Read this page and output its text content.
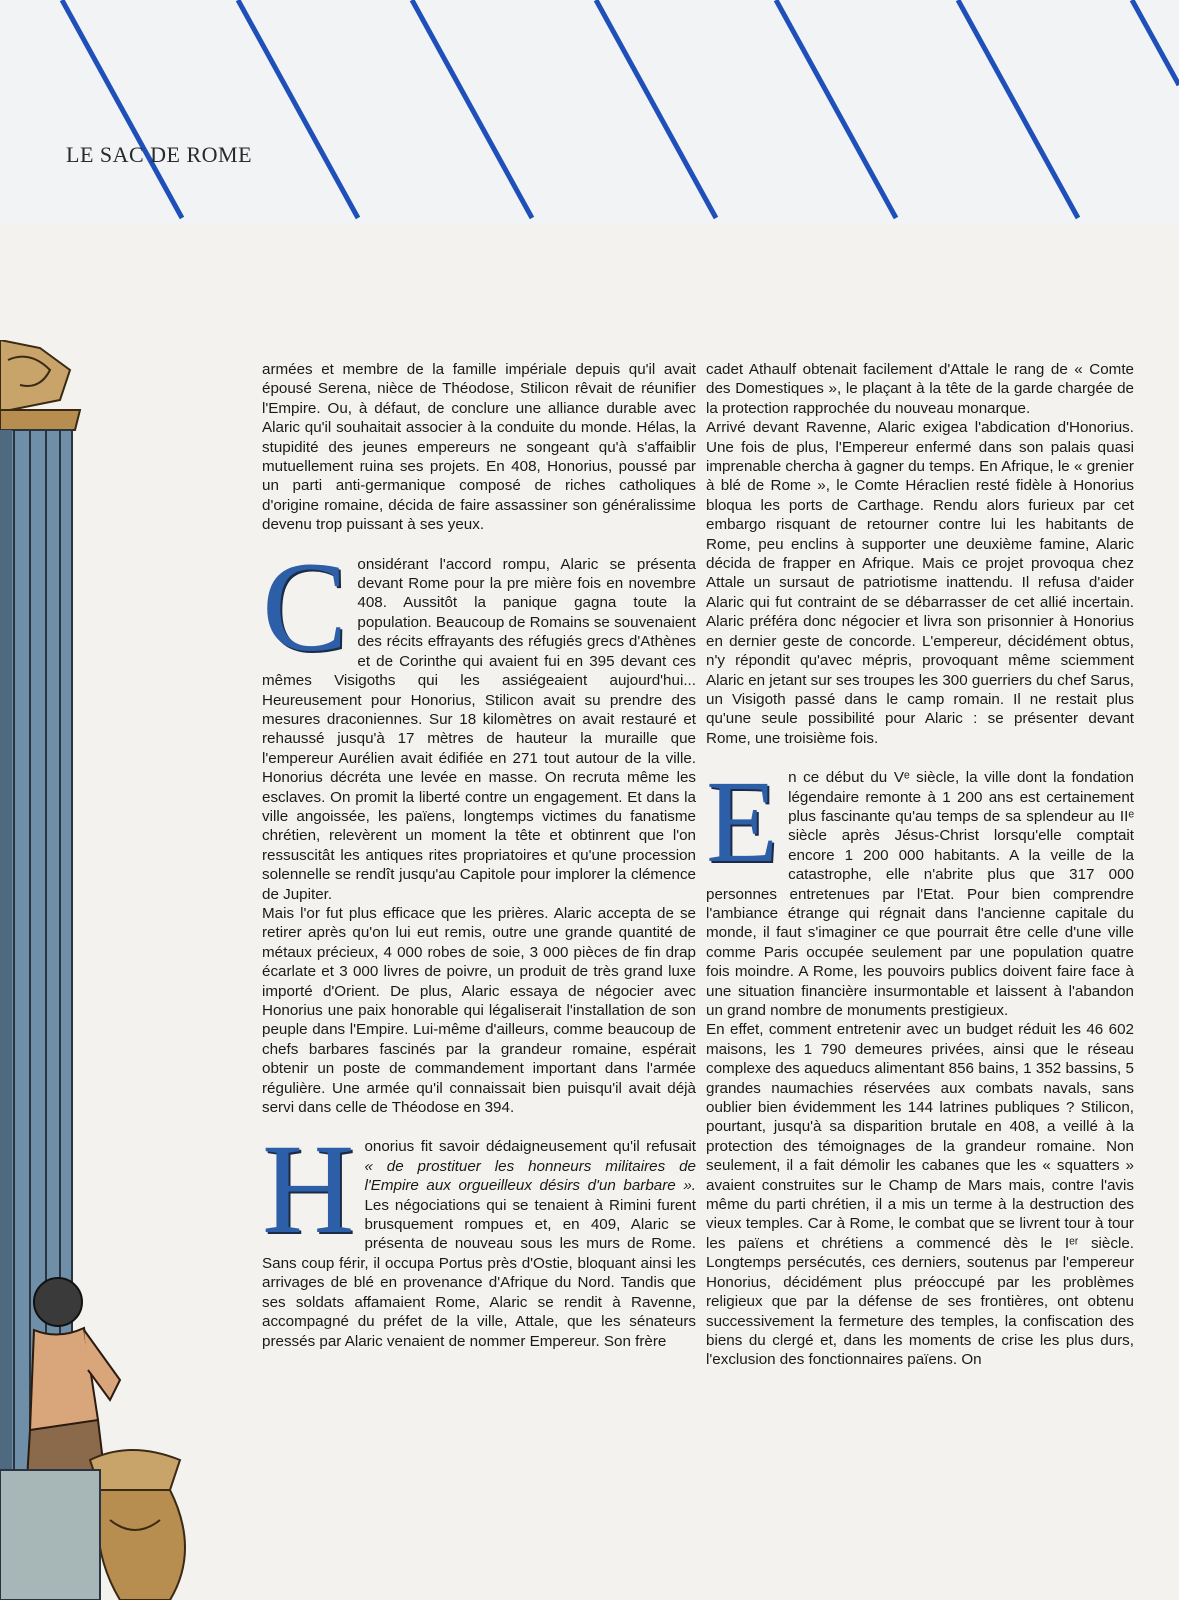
LE SAC DE ROME

armées et membre de la famille impériale depuis qu'il avait épousé Serena, nièce de Théodose, Stilicon rêvait de réunifier l'Empire. Ou, à défaut, de conclure une alliance durable avec Alaric qu'il souhaitait associer à la conduite du monde. Hélas, la stupidité des jeunes empereurs ne songeant qu'à s'affaiblir mutuellement ruina ses projets. En 408, Honorius, poussé par un parti anti-germanique composé de riches catholiques d'origine romaine, décida de faire assassiner son généralissime devenu trop puissant à ses yeux.

Considérant l'accord rompu, Alaric se présenta devant Rome pour la pre mière fois en novembre 408. Aussitôt la panique gagna toute la population. Beaucoup de Romains se souvenaient des récits effrayants des réfugiés grecs d'Athènes et de Corinthe qui avaient fui en 395 devant ces mêmes Visigoths qui les assiégeaient aujourd'hui... Heureusement pour Honorius, Stilicon avait su prendre des mesures draconiennes. Sur 18 kilomètres on avait restauré et rehaussé jusqu'à 17 mètres de hauteur la muraille que l'empereur Aurélien avait édifiée en 271 tout autour de la ville. Honorius décréta une levée en masse. On recruta même les esclaves. On promit la liberté contre un engagement. Et dans la ville angoissée, les païens, longtemps victimes du fanatisme chrétien, relevèrent un moment la tête et obtinrent que l'on ressuscitât les antiques rites propriatoires et qu'une procession solennelle se rendît jusqu'au Capitole pour implorer la clémence de Jupiter.

Mais l'or fut plus efficace que les prières. Alaric accepta de se retirer après qu'on lui eut remis, outre une grande quantité de métaux précieux, 4 000 robes de soie, 3 000 pièces de fin drap écarlate et 3 000 livres de poivre, un produit de très grand luxe importé d'Orient. De plus, Alaric essaya de négocier avec Honorius une paix honorable qui légaliserait l'installation de son peuple dans l'Empire. Lui-même d'ailleurs, comme beaucoup de chefs barbares fascinés par la grandeur romaine, espérait obtenir un poste de commandement important dans l'armée régulière. Une armée qu'il connaissait bien puisqu'il avait déjà servi dans celle de Théodose en 394.

Honorius fit savoir dédaigneusement qu'il refusait « de prostituer les honneurs militaires de l'Empire aux orgueilleux désirs d'un barbare ». Les négociations qui se tenaient à Rimini furent brusquement rompues et, en 409, Alaric se présenta de nouveau sous les murs de Rome. Sans coup férir, il occupa Portus près d'Ostie, bloquant ainsi les arrivages de blé en provenance d'Afrique du Nord. Tandis que ses soldats affamaient Rome, Alaric se rendit à Ravenne, accompagné du préfet de la ville, Attale, que les sénateurs pressés par Alaric venaient de nommer Empereur. Son frère

cadet Athaulf obtenait facilement d'Attale le rang de « Comte des Domestiques », le plaçant à la tête de la garde chargée de la protection rapprochée du nouveau monarque.

Arrivé devant Ravenne, Alaric exigea l'abdication d'Honorius. Une fois de plus, l'Empereur enfermé dans son palais quasi imprenable chercha à gagner du temps. En Afrique, le « grenier à blé de Rome », le Comte Héraclien resté fidèle à Honorius bloqua les ports de Carthage. Rendu alors furieux par cet embargo risquant de retourner contre lui les habitants de Rome, peu enclins à supporter une deuxième famine, Alaric décida de frapper en Afrique. Mais ce projet provoqua chez Attale un sursaut de patriotisme inattendu. Il refusa d'aider Alaric qui fut contraint de se débarrasser de cet allié incertain. Alaric préféra donc négocier et livra son prisonnier à Honorius en dernier geste de concorde. L'empereur, décidément obtus, n'y répondit qu'avec mépris, provoquant même sciemment Alaric en jetant sur ses troupes les 300 guerriers du chef Sarus, un Visigoth passé dans le camp romain. Il ne restait plus qu'une seule possibilité pour Alaric : se présenter devant Rome, une troisième fois.

En ce début du Vᵉ siècle, la ville dont la fondation légendaire remonte à 1 200 ans est certainement plus fascinante qu'au temps de sa splendeur au IIᵉ siècle après Jésus-Christ lorsqu'elle comptait encore 1 200 000 habitants. A la veille de la catastrophe, elle n'abrite plus que 317 000 personnes entretenues par l'Etat. Pour bien comprendre l'ambiance étrange qui régnait dans l'ancienne capitale du monde, il faut s'imaginer ce que pourrait être celle d'une ville comme Paris occupée seulement par une population quatre fois moindre. A Rome, les pouvoirs publics doivent faire face à une situation financière insurmontable et laissent à l'abandon un grand nombre de monuments prestigieux.

En effet, comment entretenir avec un budget réduit les 46 602 maisons, les 1 790 demeures privées, ainsi que le réseau complexe des aqueducs alimentant 856 bains, 1 352 bassins, 5 grandes naumachies réservées aux combats navals, sans oublier bien évidemment les 144 latrines publiques ? Stilicon, pourtant, jusqu'à sa disparition brutale en 408, a veillé à la protection des témoignages de la grandeur romaine. Non seulement, il a fait démolir les cabanes que les « squatters » avaient construites sur le Champ de Mars mais, contre l'avis même du parti chrétien, il a mis un terme à la destruction des vieux temples. Car à Rome, le combat que se livrent tour à tour les païens et chrétiens a commencé dès le Iᵉʳ siècle. Longtemps persécutés, ces derniers, soutenus par l'empereur Honorius, décidément plus préoccupé par les problèmes religieux que par la défense de ses frontières, ont obtenu successivement la fermeture des temples, la confiscation des biens du clergé et, dans les moments de crise les plus durs, l'exclusion des fonctionnaires païens. On
